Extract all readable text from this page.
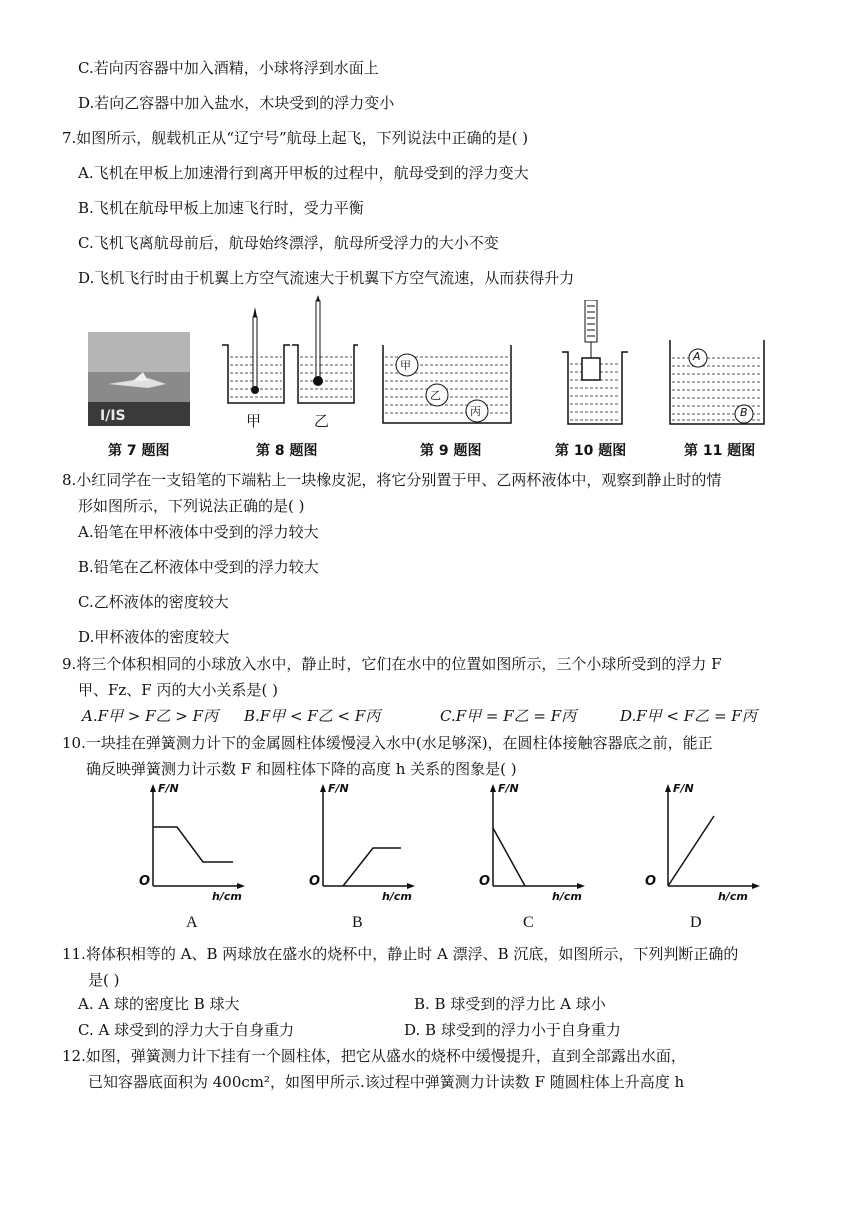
C.若向丙容器中加入酒精，小球将浮到水面上
D.若向乙容器中加入盐水，木块受到的浮力变小
7.如图所示，舰载机正从“辽宁号”航母上起飞，下列说法中正确的是( )
A.飞机在甲板上加速滑行到离开甲板的过程中，航母受到的浮力变大
B.飞机在航母甲板上加速飞行时，受力平衡
C.飞机飞离航母前后，航母始终漂浮，航母所受浮力的大小不变
D.飞机飞行时由于机翼上方空气流速大于机翼下方空气流速，从而获得升力
I/IS	甲	乙
甲
乙
丙
A
B
第 7 题图	第 8 题图	第 9 题图	第 10 题图	第 11 题图
8.小红同学在一支铅笔的下端粘上一块橡皮泥，将它分别置于甲、乙两杯液体中，观察到静止时的情
形如图所示，下列说法正确的是( )
A.铅笔在甲杯液体中受到的浮力较大
B.铅笔在乙杯液体中受到的浮力较大
C.乙杯液体的密度较大
D.甲杯液体的密度较大
9.将三个体积相同的小球放入水中，静止时，它们在水中的位置如图所示，三个小球所受到的浮力 F
甲、Fz、F 丙的大小关系是( )
A.F甲 > F乙 > F丙 B.F甲 < F乙 < F丙	C.F甲 = F乙 = F丙	D.F甲 < F乙 = F丙
10.一块挂在弹簧测力计下的金属圆柱体缓慢浸入水中(水足够深)，在圆柱体接触容器底之前，能正
确反映弹簧测力计示数 F 和圆柱体下降的高度 h 关系的图象是( )
F/N	F/N	F/N	F/N
h/cm	h/cm	h/cm	h/cm
O	O	O	O
A	B	C	D
11.将体积相等的 A、B 两球放在盛水的烧杯中，静止时 A 漂浮、B 沉底，如图所示，下列判断正确的
是( )
A. A 球的密度比 B 球大	B. B 球受到的浮力比 A 球小
C. A 球受到的浮力大于自身重力	D. B 球受到的浮力小于自身重力
12.如图，弹簧测力计下挂有一个圆柱体，把它从盛水的烧杯中缓慢提升，直到全部露出水面，
已知容器底面积为 400cm²，如图甲所示.该过程中弹簧测力计读数 F 随圆柱体上升高度 h
